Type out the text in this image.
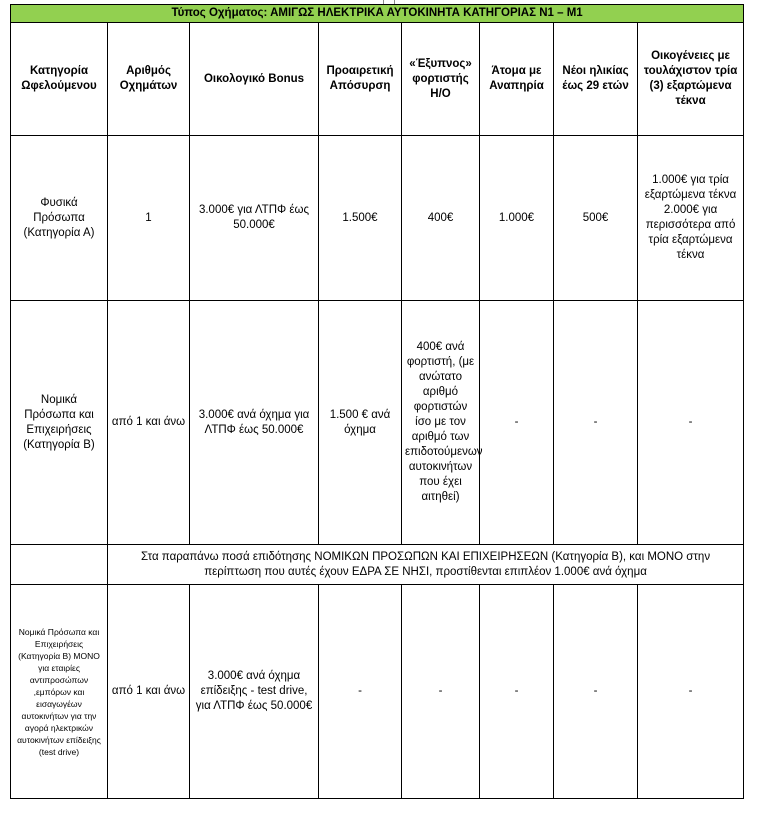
Τύπος Οχήματος: ΑΜΙΓΩΣ ΗΛΕΚΤΡΙΚΑ ΑΥΤΟΚΙΝΗΤΑ ΚΑΤΗΓΟΡΙΑΣ Ν1 – Μ1							
Κατηγορία Ωφελούμενου	Αριθμός Οχημάτων	Οικολογικό Bonus	Προαιρετική Απόσυρση	«Έξυπνος» φορτιστής Η/Ο	Άτομα με Αναπηρία	Νέοι ηλικίας έως 29 ετών	Οικογένειες με τουλάχιστον τρία (3) εξαρτώμενα τέκνα
Φυσικά Πρόσωπα (Κατηγορία Α)	1	3.000€ για ΛΤΠΦ έως 50.000€	1.500€	400€	1.000€	500€	1.000€ για τρία εξαρτώμενα τέκνα 2.000€ για περισσότερα από τρία εξαρτώμενα τέκνα
Νομικά Πρόσωπα και Επιχειρήσεις (Κατηγορία Β)	από 1 και άνω	3.000€ ανά όχημα για ΛΤΠΦ έως 50.000€	1.500 € ανά όχημα	400€ ανά φορτιστή, (με ανώτατο αριθμό φορτιστών ίσο με τον αριθμό των επιδοτούμενων αυτοκινήτων που έχει αιτηθεί)	-	-	-
	Στα παραπάνω ποσά επιδότησης ΝΟΜΙΚΩΝ ΠΡΟΣΩΠΩΝ ΚΑΙ ΕΠΙΧΕΙΡΗΣΕΩΝ (Κατηγορία Β), και ΜΟΝΟ στην περίπτωση που αυτές έχουν ΕΔΡΑ ΣΕ ΝΗΣΙ, προστίθενται επιπλέον 1.000€ ανά όχημα						
Νομικά Πρόσωπα και Επιχειρήσεις (Κατηγορία Β) ΜΟΝΟ για εταιρίες αντιπροσώπων ,εμπόρων και εισαγωγέων αυτοκινήτων για την αγορά ηλεκτρικών αυτοκινήτων επίδειξης (test drive)	από 1 και άνω	3.000€ ανά όχημα επίδειξης - test drive, για ΛΤΠΦ έως 50.000€	-	-	-	-	-
